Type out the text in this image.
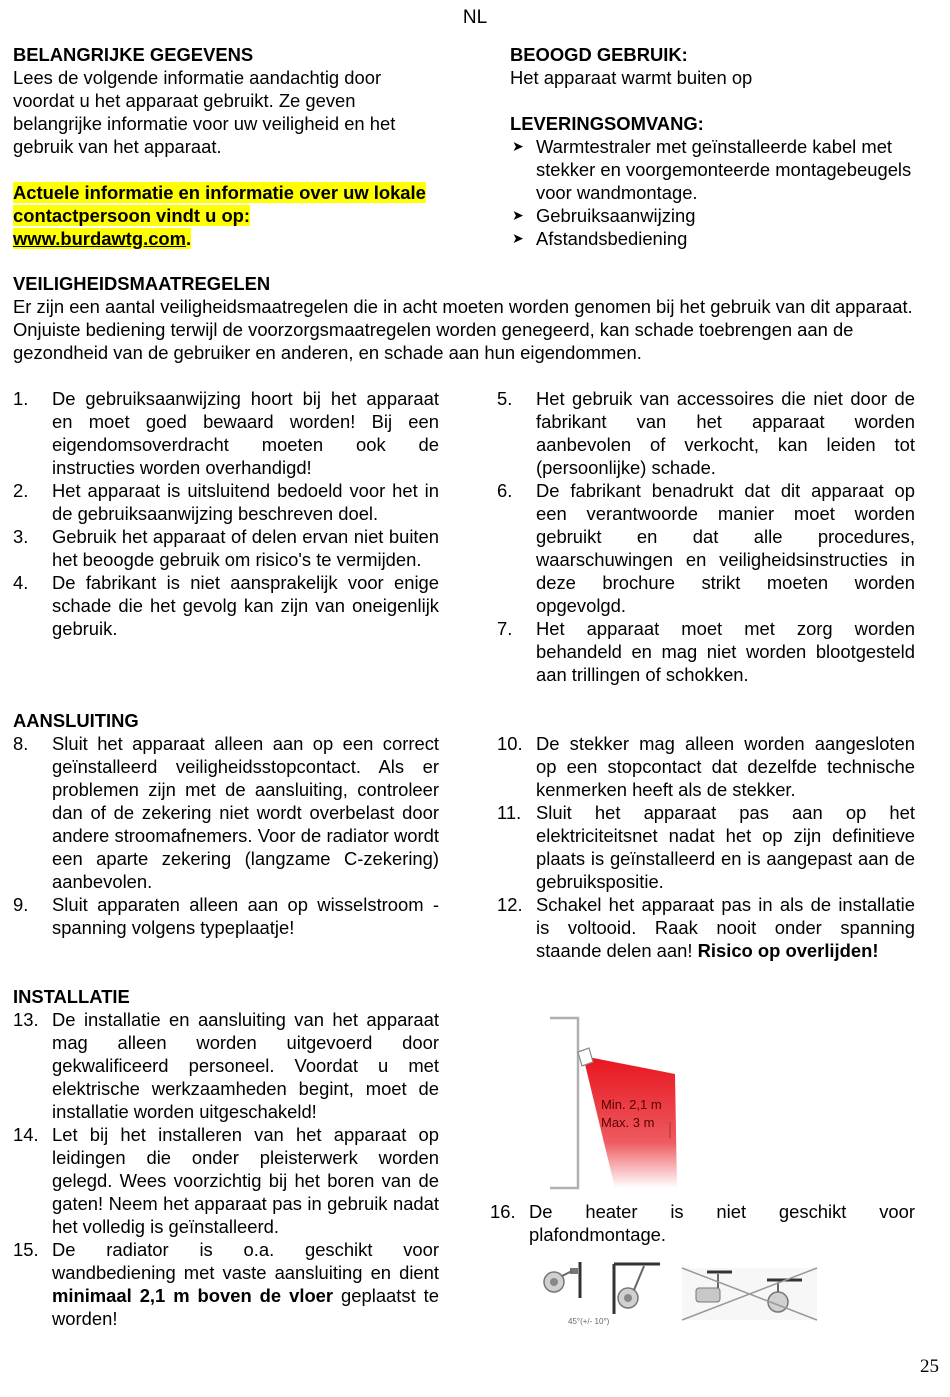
NL
BELANGRIJKE GEGEVENS
Lees de volgende informatie aandachtig door voordat u het apparaat gebruikt. Ze geven belangrijke informatie voor uw veiligheid en het gebruik van het apparaat.
Actuele informatie en informatie over uw lokale contactpersoon vindt u op:
www.burdawtg.com.
BEOOGD GEBRUIK:
Het apparaat warmt buiten op
LEVERINGSOMVANG:
➤ Warmtestraler met geïnstalleerde kabel met stekker en voorgemonteerde montagebeugels voor wandmontage.
➤ Gebruiksaanwijzing
➤ Afstandsbediening
VEILIGHEIDSMAATREGELEN
Er zijn een aantal veiligheidsmaatregelen die in acht moeten worden genomen bij het gebruik van dit apparaat. Onjuiste bediening terwijl de voorzorgsmaatregelen worden genegeerd, kan schade toebrengen aan de gezondheid van de gebruiker en anderen, en schade aan hun eigendommen.
1.	De gebruiksaanwijzing hoort bij het apparaat en moet goed bewaard worden! Bij een eigendomsoverdracht moeten ook de instructies worden overhandigd!
2.	Het apparaat is uitsluitend bedoeld voor het in de gebruiksaanwijzing beschreven doel.
3.	Gebruik het apparaat of delen ervan niet buiten het beoogde gebruik om risico's te vermijden.
4.	De fabrikant is niet aansprakelijk voor enige schade die het gevolg kan zijn van oneigenlijk gebruik.
5.	Het gebruik van accessoires die niet door de fabrikant van het apparaat worden aanbevolen of verkocht, kan leiden tot (persoonlijke) schade.
6.	De fabrikant benadrukt dat dit apparaat op een verantwoorde manier moet worden gebruikt en dat alle procedures, waarschuwingen en veiligheidsinstructies in deze brochure strikt moeten worden opgevolgd.
7.	Het apparaat moet met zorg worden behandeld en mag niet worden blootgesteld aan trillingen of schokken.
AANSLUITING
8.	Sluit het apparaat alleen aan op een correct geïnstalleerd veiligheidsstopcontact. Als er problemen zijn met de aansluiting, controleer dan of de zekering niet wordt overbelast door andere stroomafnemers. Voor de radiator wordt een aparte zekering (langzame C-zekering) aanbevolen.
9.	Sluit apparaten alleen aan op wisselstroom - spanning volgens typeplaatje!
10. De stekker mag alleen worden aangesloten op een stopcontact dat dezelfde technische kenmerken heeft als de stekker.
11. Sluit het apparaat pas aan op het elektriciteitsnet nadat het op zijn definitieve plaats is geïnstalleerd en is aangepast aan de gebruikspositie.
12. Schakel het apparaat pas in als de installatie is voltooid. Raak nooit onder spanning staande delen aan! Risico op overlijden!
INSTALLATIE
13. De installatie en aansluiting van het apparaat mag alleen worden uitgevoerd door gekwalificeerd personeel. Voordat u met elektrische werkzaamheden begint, moet de installatie worden uitgeschakeld!
14. Let bij het installeren van het apparaat op leidingen die onder pleisterwerk worden gelegd. Wees voorzichtig bij het boren van de gaten! Neem het apparaat pas in gebruik nadat het volledig is geïnstalleerd.
15. De radiator is o.a. geschikt voor wandbediening met vaste aansluiting en dient minimaal 2,1 m boven de vloer geplaatst te worden!
Min. 2,1 m
Max. 3 m
16. De heater is niet geschikt voor plafondmontage.
45°(+/- 10°)
25
